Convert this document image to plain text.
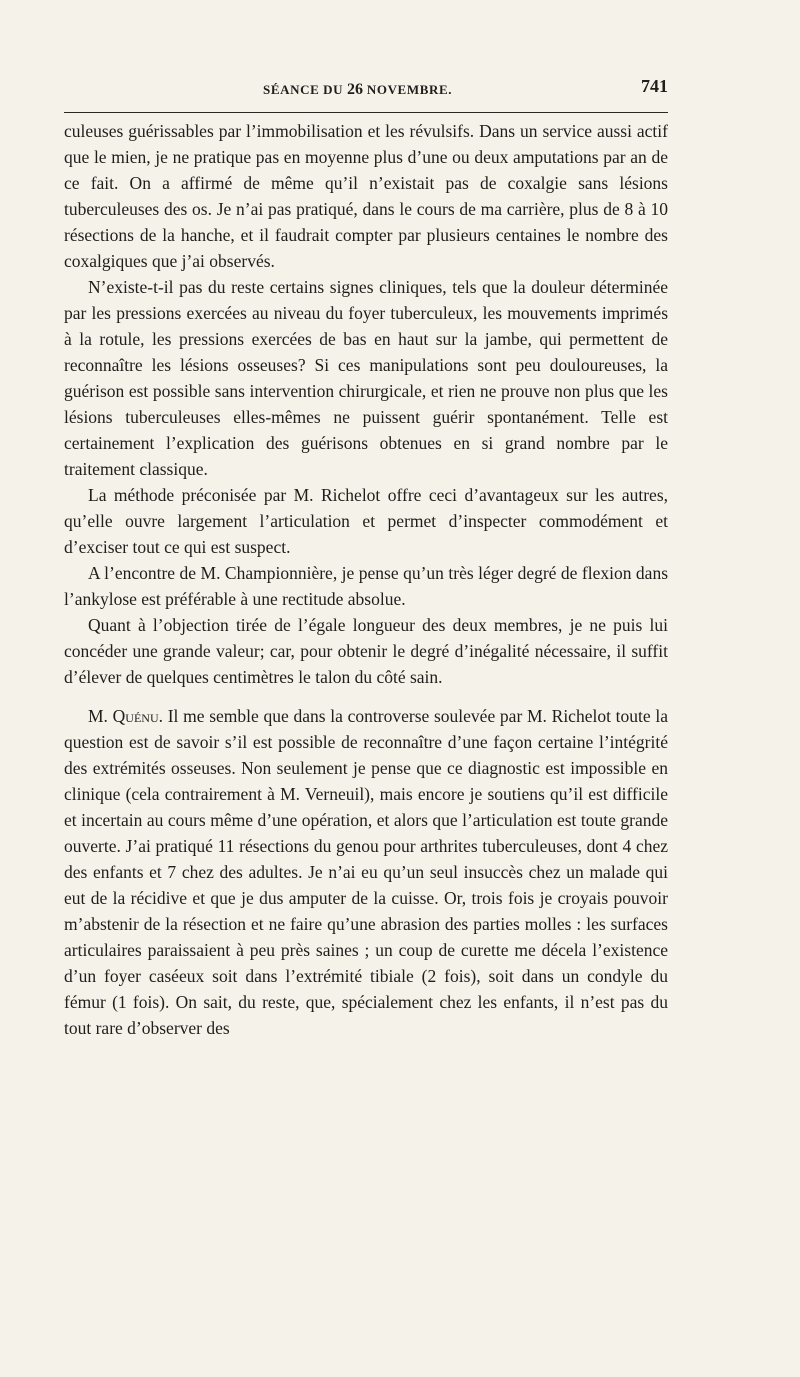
SÉANCE DU 26 NOVEMBRE.	741

culeuses guérissables par l’immobilisation et les révulsifs. Dans un service aussi actif que le mien, je ne pratique pas en moyenne plus d’une ou deux amputations par an de ce fait. On a affirmé de même qu’il n’existait pas de coxalgie sans lésions tuberculeuses des os. Je n’ai pas pratiqué, dans le cours de ma carrière, plus de 8 à 10 résections de la hanche, et il faudrait compter par plusieurs centaines le nombre des coxalgiques que j’ai observés.

N’existe-t-il pas du reste certains signes cliniques, tels que la douleur déterminée par les pressions exercées au niveau du foyer tuberculeux, les mouvements imprimés à la rotule, les pressions exercées de bas en haut sur la jambe, qui permettent de reconnaître les lésions osseuses? Si ces manipulations sont peu douloureuses, la guérison est possible sans intervention chirurgicale, et rien ne prouve non plus que les lésions tuberculeuses elles-mêmes ne puissent guérir spontanément. Telle est certainement l’explication des guérisons obtenues en si grand nombre par le traitement classique.

La méthode préconisée par M. Richelot offre ceci d’avantageux sur les autres, qu’elle ouvre largement l’articulation et permet d’inspecter commodément et d’exciser tout ce qui est suspect.

A l’encontre de M. Championnière, je pense qu’un très léger degré de flexion dans l’ankylose est préférable à une rectitude absolue.

Quant à l’objection tirée de l’égale longueur des deux membres, je ne puis lui concéder une grande valeur; car, pour obtenir le degré d’inégalité nécessaire, il suffit d’élever de quelques centimètres le talon du côté sain.

M. Quénu. Il me semble que dans la controverse soulevée par M. Richelot toute la question est de savoir s’il est possible de reconnaître d’une façon certaine l’intégrité des extrémités osseuses. Non seulement je pense que ce diagnostic est impossible en clinique (cela contrairement à M. Verneuil), mais encore je soutiens qu’il est difficile et incertain au cours même d’une opération, et alors que l’articulation est toute grande ouverte. J’ai pratiqué 11 résections du genou pour arthrites tuberculeuses, dont 4 chez des enfants et 7 chez des adultes. Je n’ai eu qu’un seul insuccès chez un malade qui eut de la récidive et que je dus amputer de la cuisse. Or, trois fois je croyais pouvoir m’abstenir de la résection et ne faire qu’une abrasion des parties molles : les surfaces articulaires paraissaient à peu près saines ; un coup de curette me décela l’existence d’un foyer caséeux soit dans l’extrémité tibiale (2 fois), soit dans un condyle du fémur (1 fois). On sait, du reste, que, spécialement chez les enfants, il n’est pas du tout rare d’observer des
